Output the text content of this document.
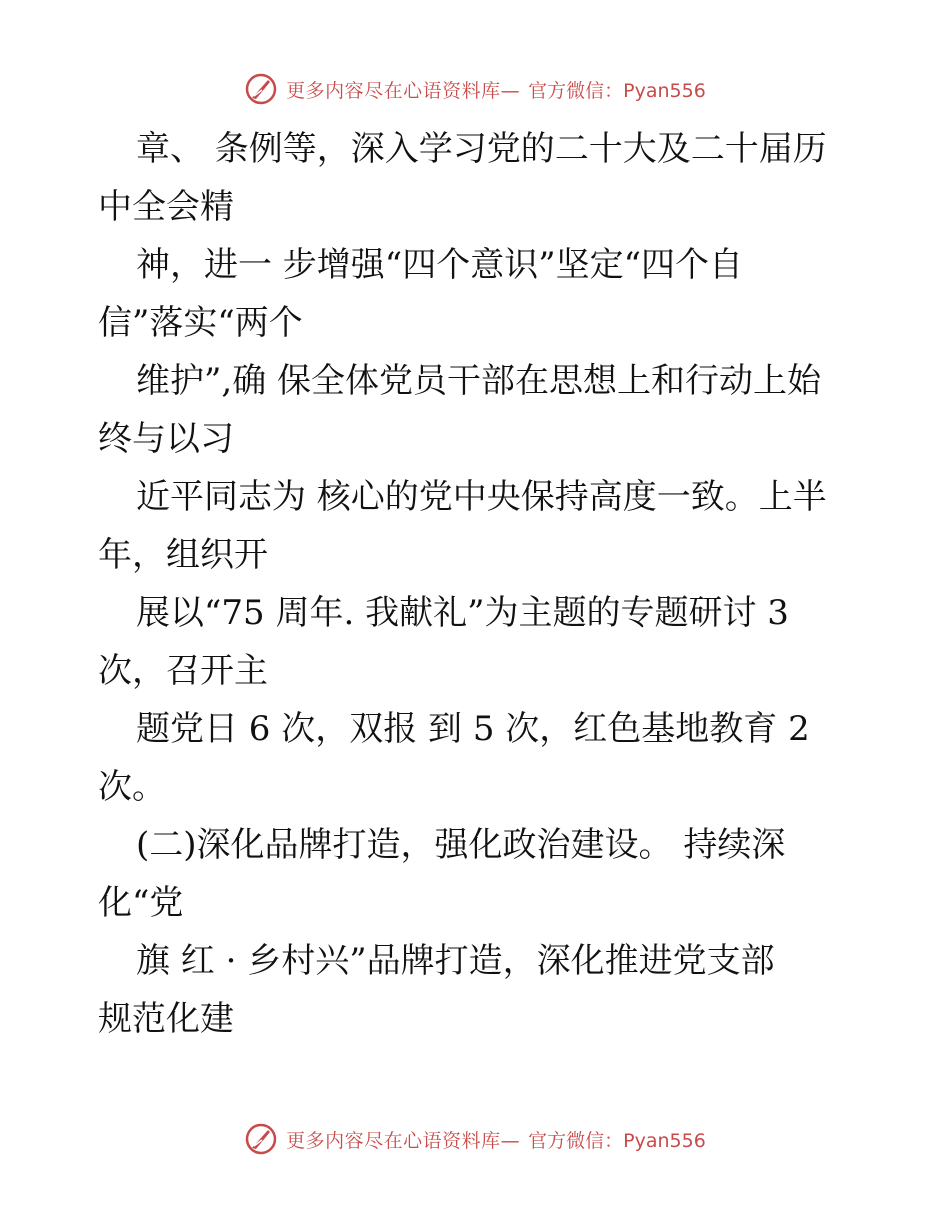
更多内容尽在心语资料库— 官方微信：Pyan556
章、 条例等，深入学习党的二十大及二十届历
中全会精
神，进一 步增强“四个意识”坚定“四个自
信”落实“两个
维护”,确 保全体党员干部在思想上和行动上始
终与以习
近平同志为 核心的党中央保持高度一致。上半
年，组织开
展以“75 周年. 我献礼”为主题的专题研讨 3
次，召开主
题党日 6 次，双报 到 5 次，红色基地教育 2
次。
(二)深化品牌打造，强化政治建设。 持续深
化“党
旗 红 · 乡村兴”品牌打造，深化推进党支部
规范化建
更多内容尽在心语资料库— 官方微信：Pyan556
